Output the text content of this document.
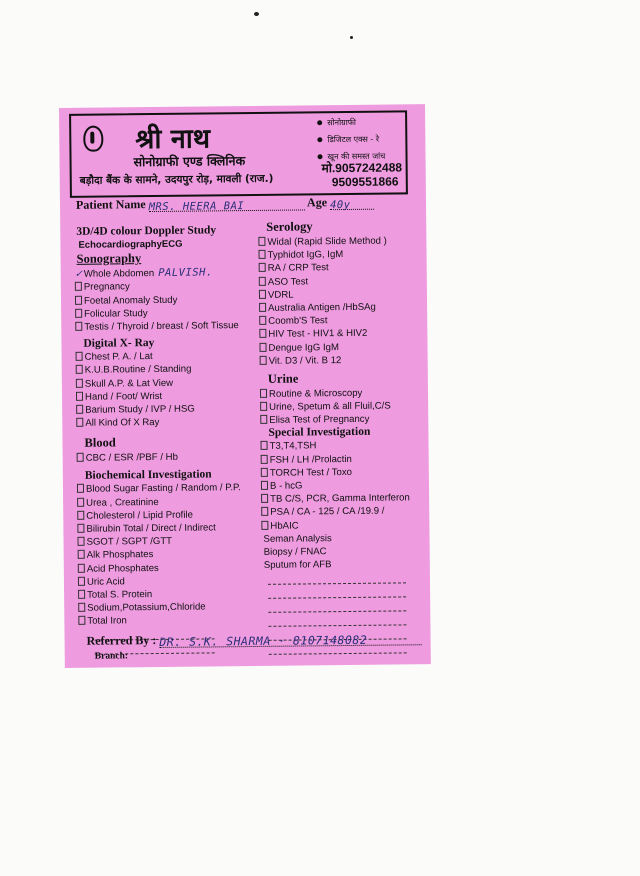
श्री नाथ
सोनोग्राफी एण्ड क्लिनिक
बड़ौदा बैंक के सामने, उदयपुर रोड़, मावली (राज.)
सोनोग्राफी
डिजिटल एक्स - रे
खून की समस्त जांच
मो.9057242488
9509551866
Patient Name MRS. HEERA BAI	Age 40y
3D/4D colour Doppler Study
EchocardiographyECG
Sonography
✓Whole Abdomen PALVISH.
Pregnancy
Foetal Anomaly Study
Folicular Study
Testis / Thyroid / breast / Soft Tissue
Digital X- Ray
Chest P. A. / Lat
K.U.B.Routine / Standing
Skull A.P. & Lat View
Hand / Foot/ Wrist
Barium Study / IVP / HSG
All Kind Of X Ray
Blood
CBC / ESR /PBF / Hb
Biochemical Investigation
Blood Sugar Fasting / Random / P.P.
Urea , Creatinine
Cholesterol / Lipid Profile
Bilirubin Total / Direct / Indirect
SGOT / SGPT /GTT
Alk Phosphates
Acid Phosphates
Uric Acid
Total S. Protein
Sodium,Potassium,Chloride
Total Iron
Serology
Widal (Rapid Slide Method )
Typhidot IgG, IgM
RA / CRP Test
ASO Test
VDRL
Australia Antigen /HbSAg
Coomb'S Test
HIV Test - HIV1 & HIV2
Dengue IgG IgM
Vit. D3 / Vit. B 12
Urine
Routine & Microscopy
Urine, Spetum & all Fluil,C/S
Elisa Test of Pregnancy
Special Investigation
T3,T4,TSH
FSH / LH /Prolactin
TORCH Test / Toxo
B - hcG
TB C/S, PCR, Gamma Interferon
PSA / CA - 125 / CA /19.9 /
HbAIC
Seman Analysis
Biopsy / FNAC
Sputum for AFB
Referred By : DR. S.K. SHARMA · 8107148082
Branch:
